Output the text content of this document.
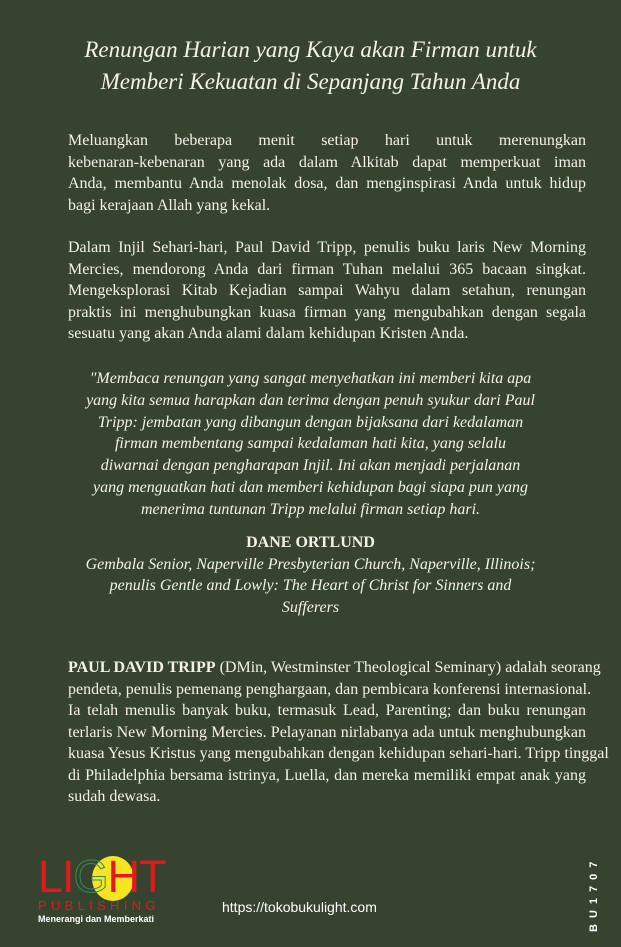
Renungan Harian yang Kaya akan Firman untuk
Memberi Kekuatan di Sepanjang Tahun Anda
Meluangkan beberapa menit setiap hari untuk merenungkan
kebenaran-kebenaran yang ada dalam Alkitab dapat memperkuat iman
Anda, membantu Anda menolak dosa, dan menginspirasi Anda untuk hidup
bagi kerajaan Allah yang kekal.
Dalam Injil Sehari-hari, Paul David Tripp, penulis buku laris New Morning
Mercies, mendorong Anda dari firman Tuhan melalui 365 bacaan singkat.
Mengeksplorasi Kitab Kejadian sampai Wahyu dalam setahun, renungan
praktis ini menghubungkan kuasa firman yang mengubahkan dengan segala
sesuatu yang akan Anda alami dalam kehidupan Kristen Anda.
"Membaca renungan yang sangat menyehatkan ini memberi kita apa
yang kita semua harapkan dan terima dengan penuh syukur dari Paul
Tripp: jembatan yang dibangun dengan bijaksana dari kedalaman
firman membentang sampai kedalaman hati kita, yang selalu
diwarnai dengan pengharapan Injil. Ini akan menjadi perjalanan
yang menguatkan hati dan memberi kehidupan bagi siapa pun yang
menerima tuntunan Tripp melalui firman setiap hari.
DANE ORTLUND
Gembala Senior, Naperville Presbyterian Church, Naperville, Illinois;
penulis Gentle and Lowly: The Heart of Christ for Sinners and
Sufferers
PAUL DAVID TRIPP (DMin, Westminster Theological Seminary) adalah seorang
pendeta, penulis pemenang penghargaan, dan pembicara konferensi internasional.
Ia telah menulis banyak buku, termasuk Lead, Parenting; dan buku renungan
terlaris New Morning Mercies. Pelayanan nirlabanya ada untuk menghubungkan
kuasa Yesus Kristus yang mengubahkan dengan kehidupan sehari-hari. Tripp tinggal
di Philadelphia bersama istrinya, Luella, dan mereka memiliki empat anak yang
sudah dewasa.
LIGHT
PUBLISHING
Menerangi dan Memberkati
https://tokobukulight.com	BU1707
